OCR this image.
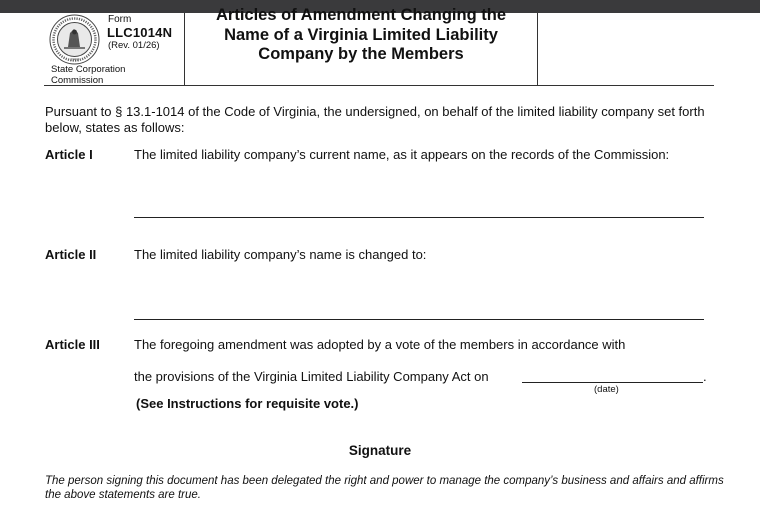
1903
Form
LLC1014N
(Rev. 01/26)
State Corporation
Commission
Articles of Amendment Changing the
Name of a Virginia Limited Liability
Company by the Members
Pursuant to § 13.1-1014 of the Code of Virginia, the undersigned, on behalf of the limited liability company set forth below, states as follows:
Article I	The limited liability company’s current name, as it appears on the records of the Commission:
Article II	The limited liability company’s name is changed to:
Article III	The foregoing amendment was adopted by a vote of the members in accordance with
the provisions of the Virginia Limited Liability Company Act on	.
(date)
(See Instructions for requisite vote.)
Signature
The person signing this document has been delegated the right and power to manage the company’s business and affairs and affirms the above statements are true.
